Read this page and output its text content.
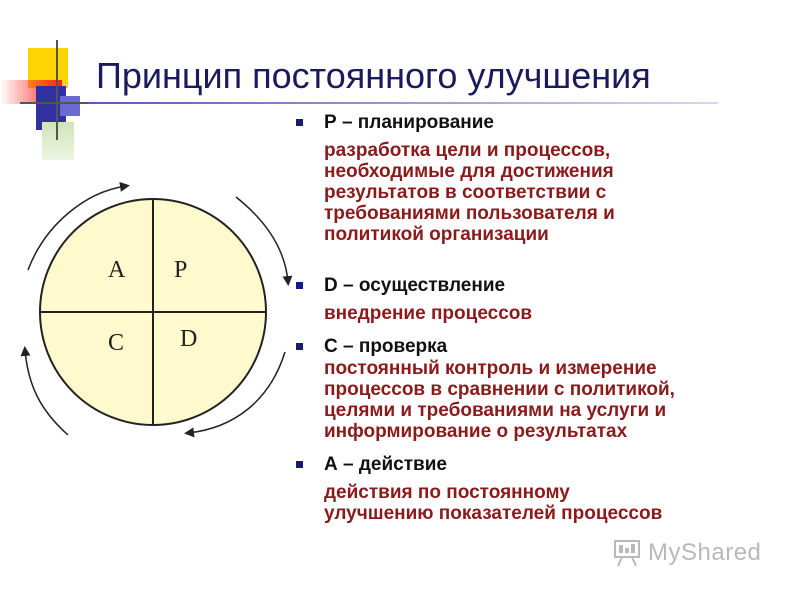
Принцип постоянного улучшения
A P
C D
Р – планирование
разработка цели и процессов,
необходимые для достижения
результатов в соответствии с
требованиями пользователя и
политикой организации
D – осуществление
внедрение процессов
C – проверка
постоянный контроль и измерение
процессов в сравнении с политикой,
целями и требованиями на услуги и
информирование о результатах
А – действие
действия по постоянному
улучшению показателей процессов
MyShared
